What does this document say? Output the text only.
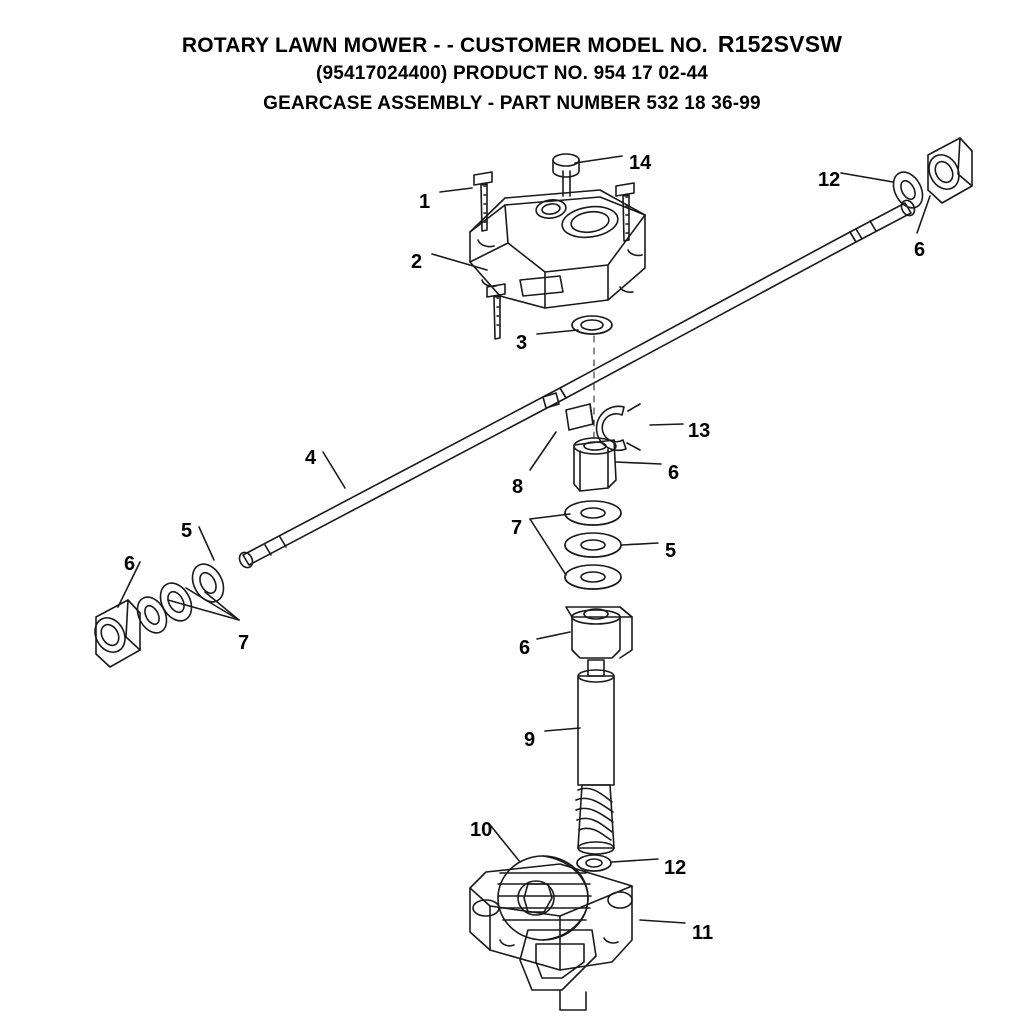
ROTARY LAWN MOWER - - CUSTOMER MODEL NO. R152SVSW
(95417024400) PRODUCT NO. 954 17 02-44
GEARCASE ASSEMBLY - PART NUMBER 532 18 36-99
1
2
3
4
5
6
7
8
13
6
7
5
6
9
10
12
11
14
12
6
